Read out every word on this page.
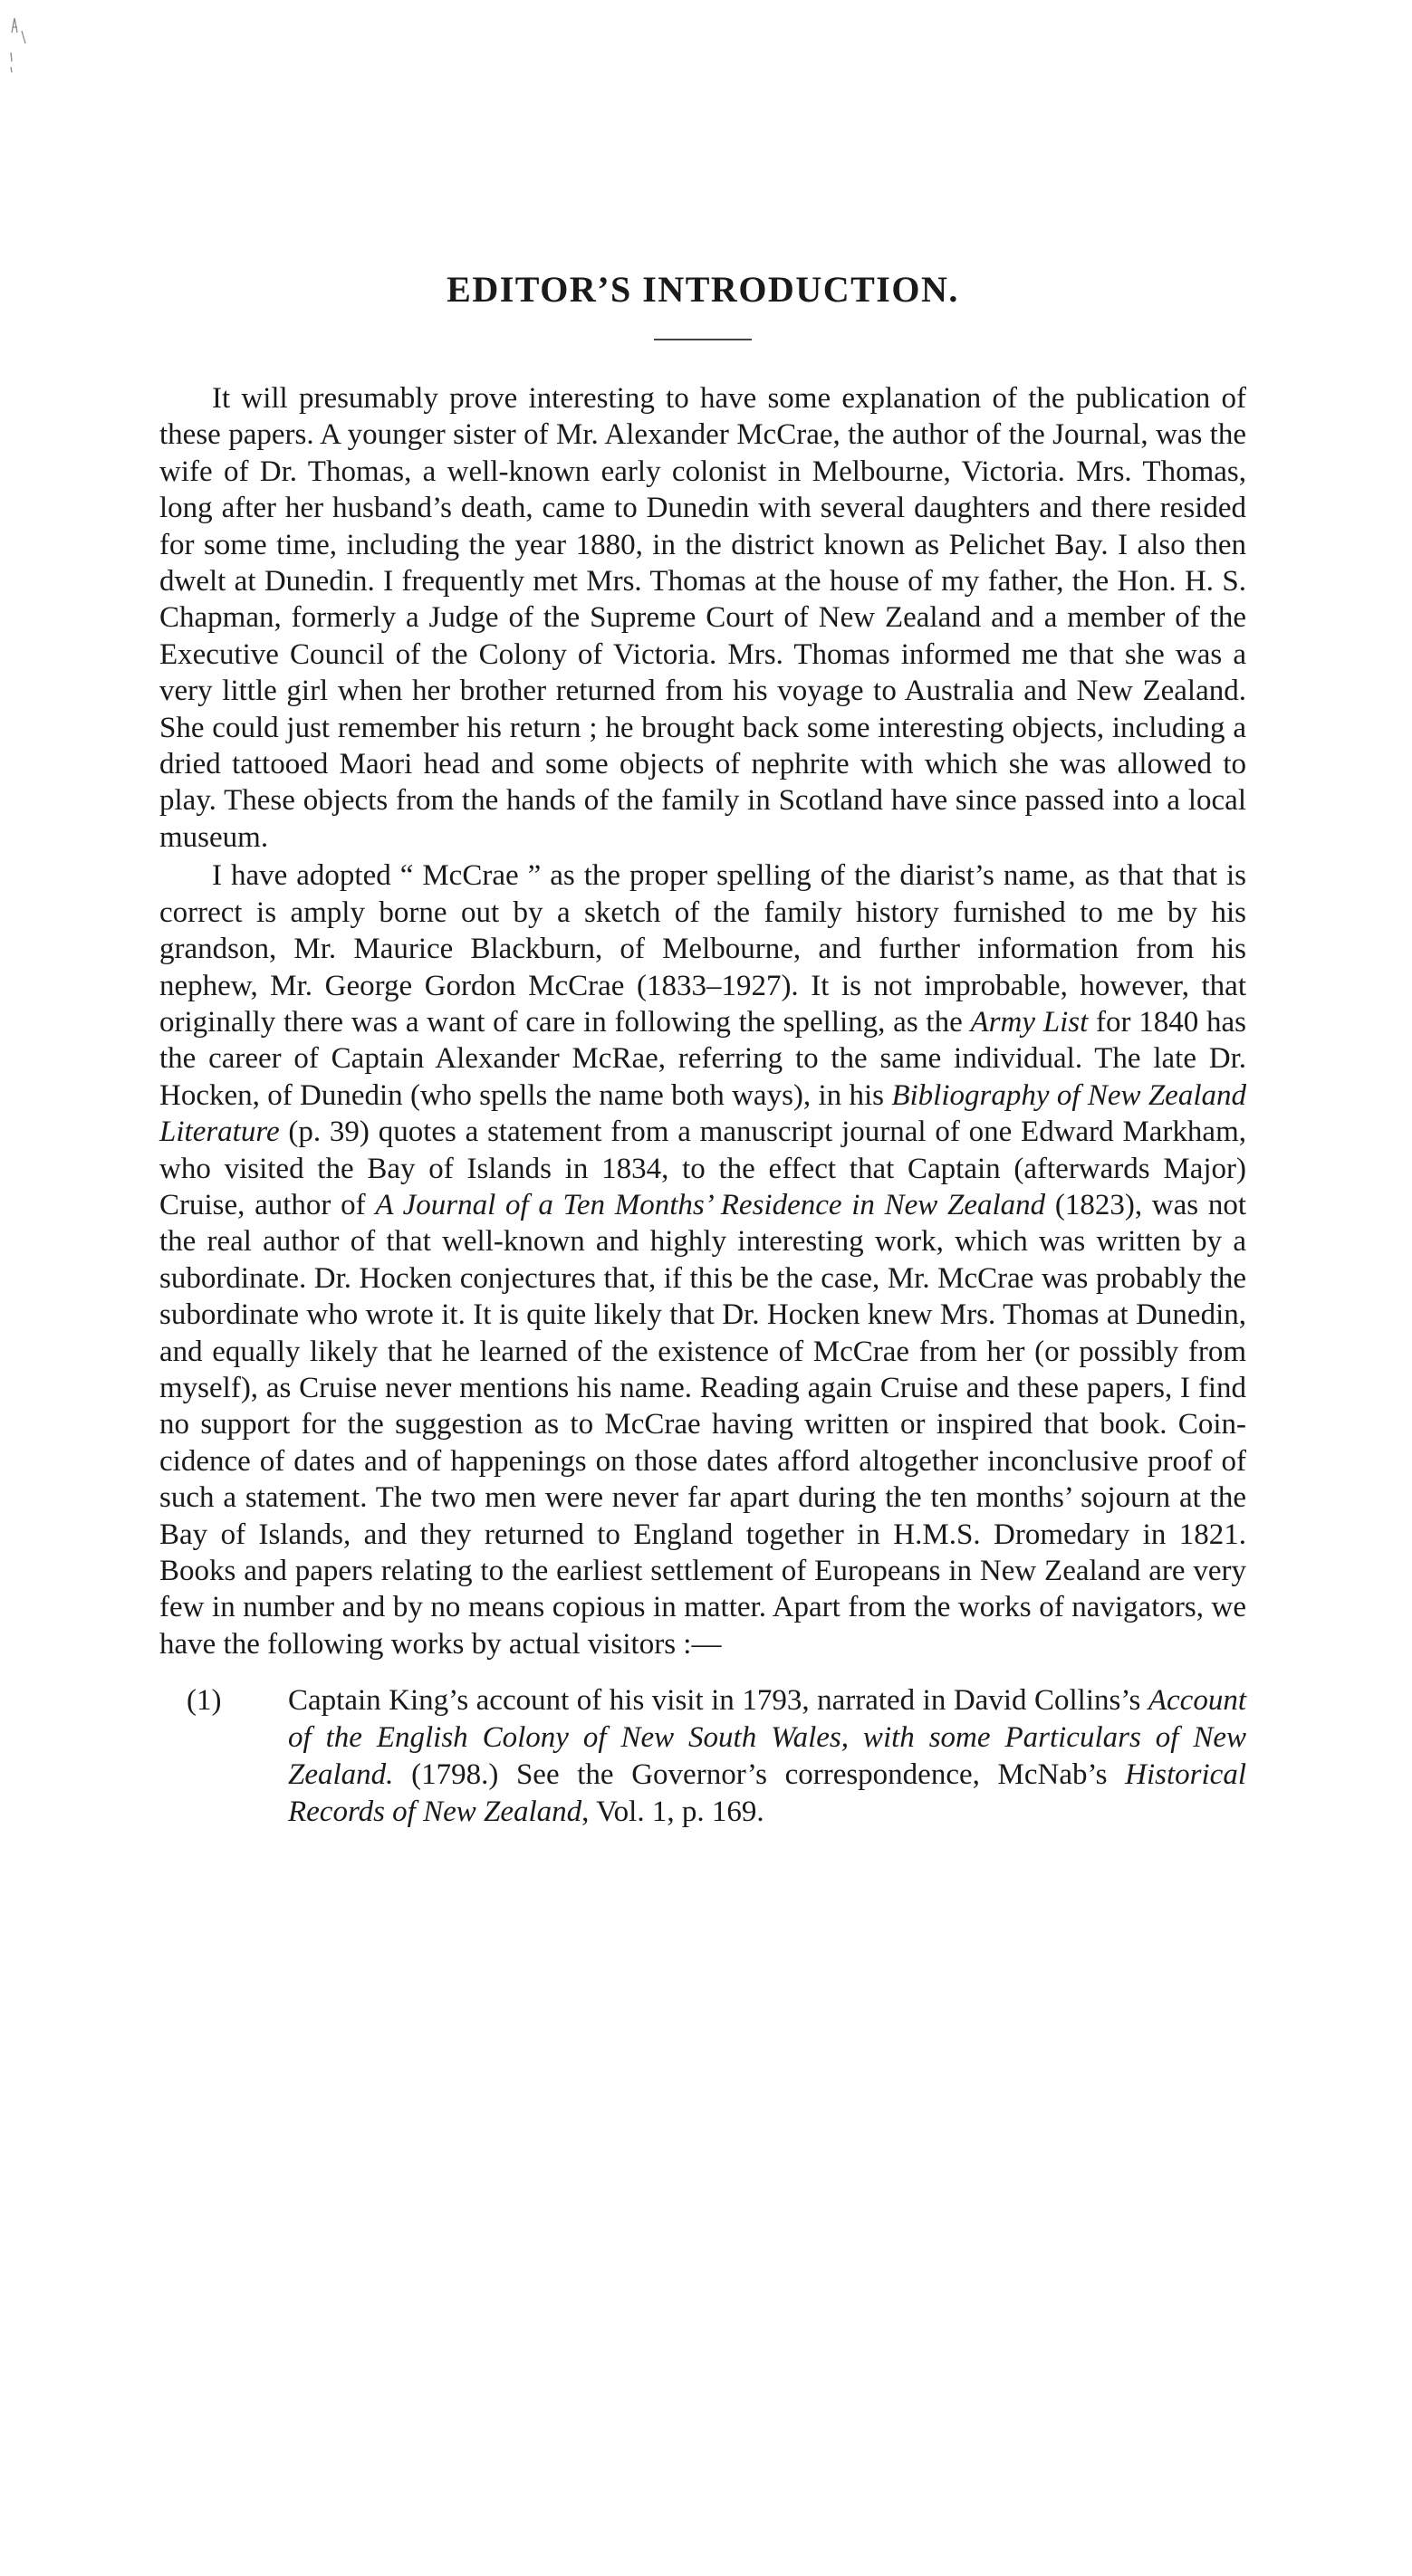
EDITOR’S INTRODUCTION.

It will presumably prove interesting to have some explanation of the publication of these papers. A younger sister of Mr. Alexander McCrae, the author of the Journal, was the wife of Dr. Thomas, a well-known early colonist in Melbourne, Victoria. Mrs. Thomas, long after her husband’s death, came to Dunedin with several daughters and there resided for some time, including the year 1880, in the district known as Pelichet Bay. I also then dwelt at Dunedin. I frequently met Mrs. Thomas at the house of my father, the Hon. H. S. Chapman, formerly a Judge of the Supreme Court of New Zealand and a member of the Executive Council of the Colony of Victoria. Mrs. Thomas informed me that she was a very little girl when her brother returned from his voyage to Australia and New Zealand. She could just remember his return ; he brought back some interesting objects, including a dried tattooed Maori head and some objects of nephrite with which she was allowed to play. These objects from the hands of the family in Scotland have since passed into a local museum.

I have adopted “ McCrae ” as the proper spelling of the diarist’s name, as that that is correct is amply borne out by a sketch of the family history furnished to me by his grandson, Mr. Maurice Blackburn, of Melbourne, and further information from his nephew, Mr. George Gordon McCrae (1833–1927). It is not improbable, however, that originally there was a want of care in following the spelling, as the Army List for 1840 has the career of Captain Alexander McRae, referring to the same individual. The late Dr. Hocken, of Dunedin (who spells the name both ways), in his Bibliography of New Zealand Literature (p. 39) quotes a statement from a manuscript journal of one Edward Markham, who visited the Bay of Islands in 1834, to the effect that Captain (afterwards Major) Cruise, author of A Journal of a Ten Months’ Residence in New Zealand (1823), was not the real author of that well-known and highly interesting work, which was written by a subordinate. Dr. Hocken conjectures that, if this be the case, Mr. McCrae was probably the subordinate who wrote it. It is quite likely that Dr. Hocken knew Mrs. Thomas at Dunedin, and equally likely that he learned of the existence of McCrae from her (or possibly from myself), as Cruise never mentions his name. Reading again Cruise and these papers, I find no support for the suggestion as to McCrae having written or inspired that book. Coincidence of dates and of happenings on those dates afford altogether inconclusive proof of such a statement. The two men were never far apart during the ten months’ sojourn at the Bay of Islands, and they returned to England together in H.M.S. Dromedary in 1821. Books and papers relating to the earliest settlement of Europeans in New Zealand are very few in number and by no means copious in matter. Apart from the works of navigators, we have the following works by actual visitors :—

(1) Captain King’s account of his visit in 1793, narrated in David Collins’s Account of the English Colony of New South Wales, with some Particulars of New Zealand. (1798.) See the Governor’s correspondence, McNab’s Historical Records of New Zealand, Vol. 1, p. 169.
